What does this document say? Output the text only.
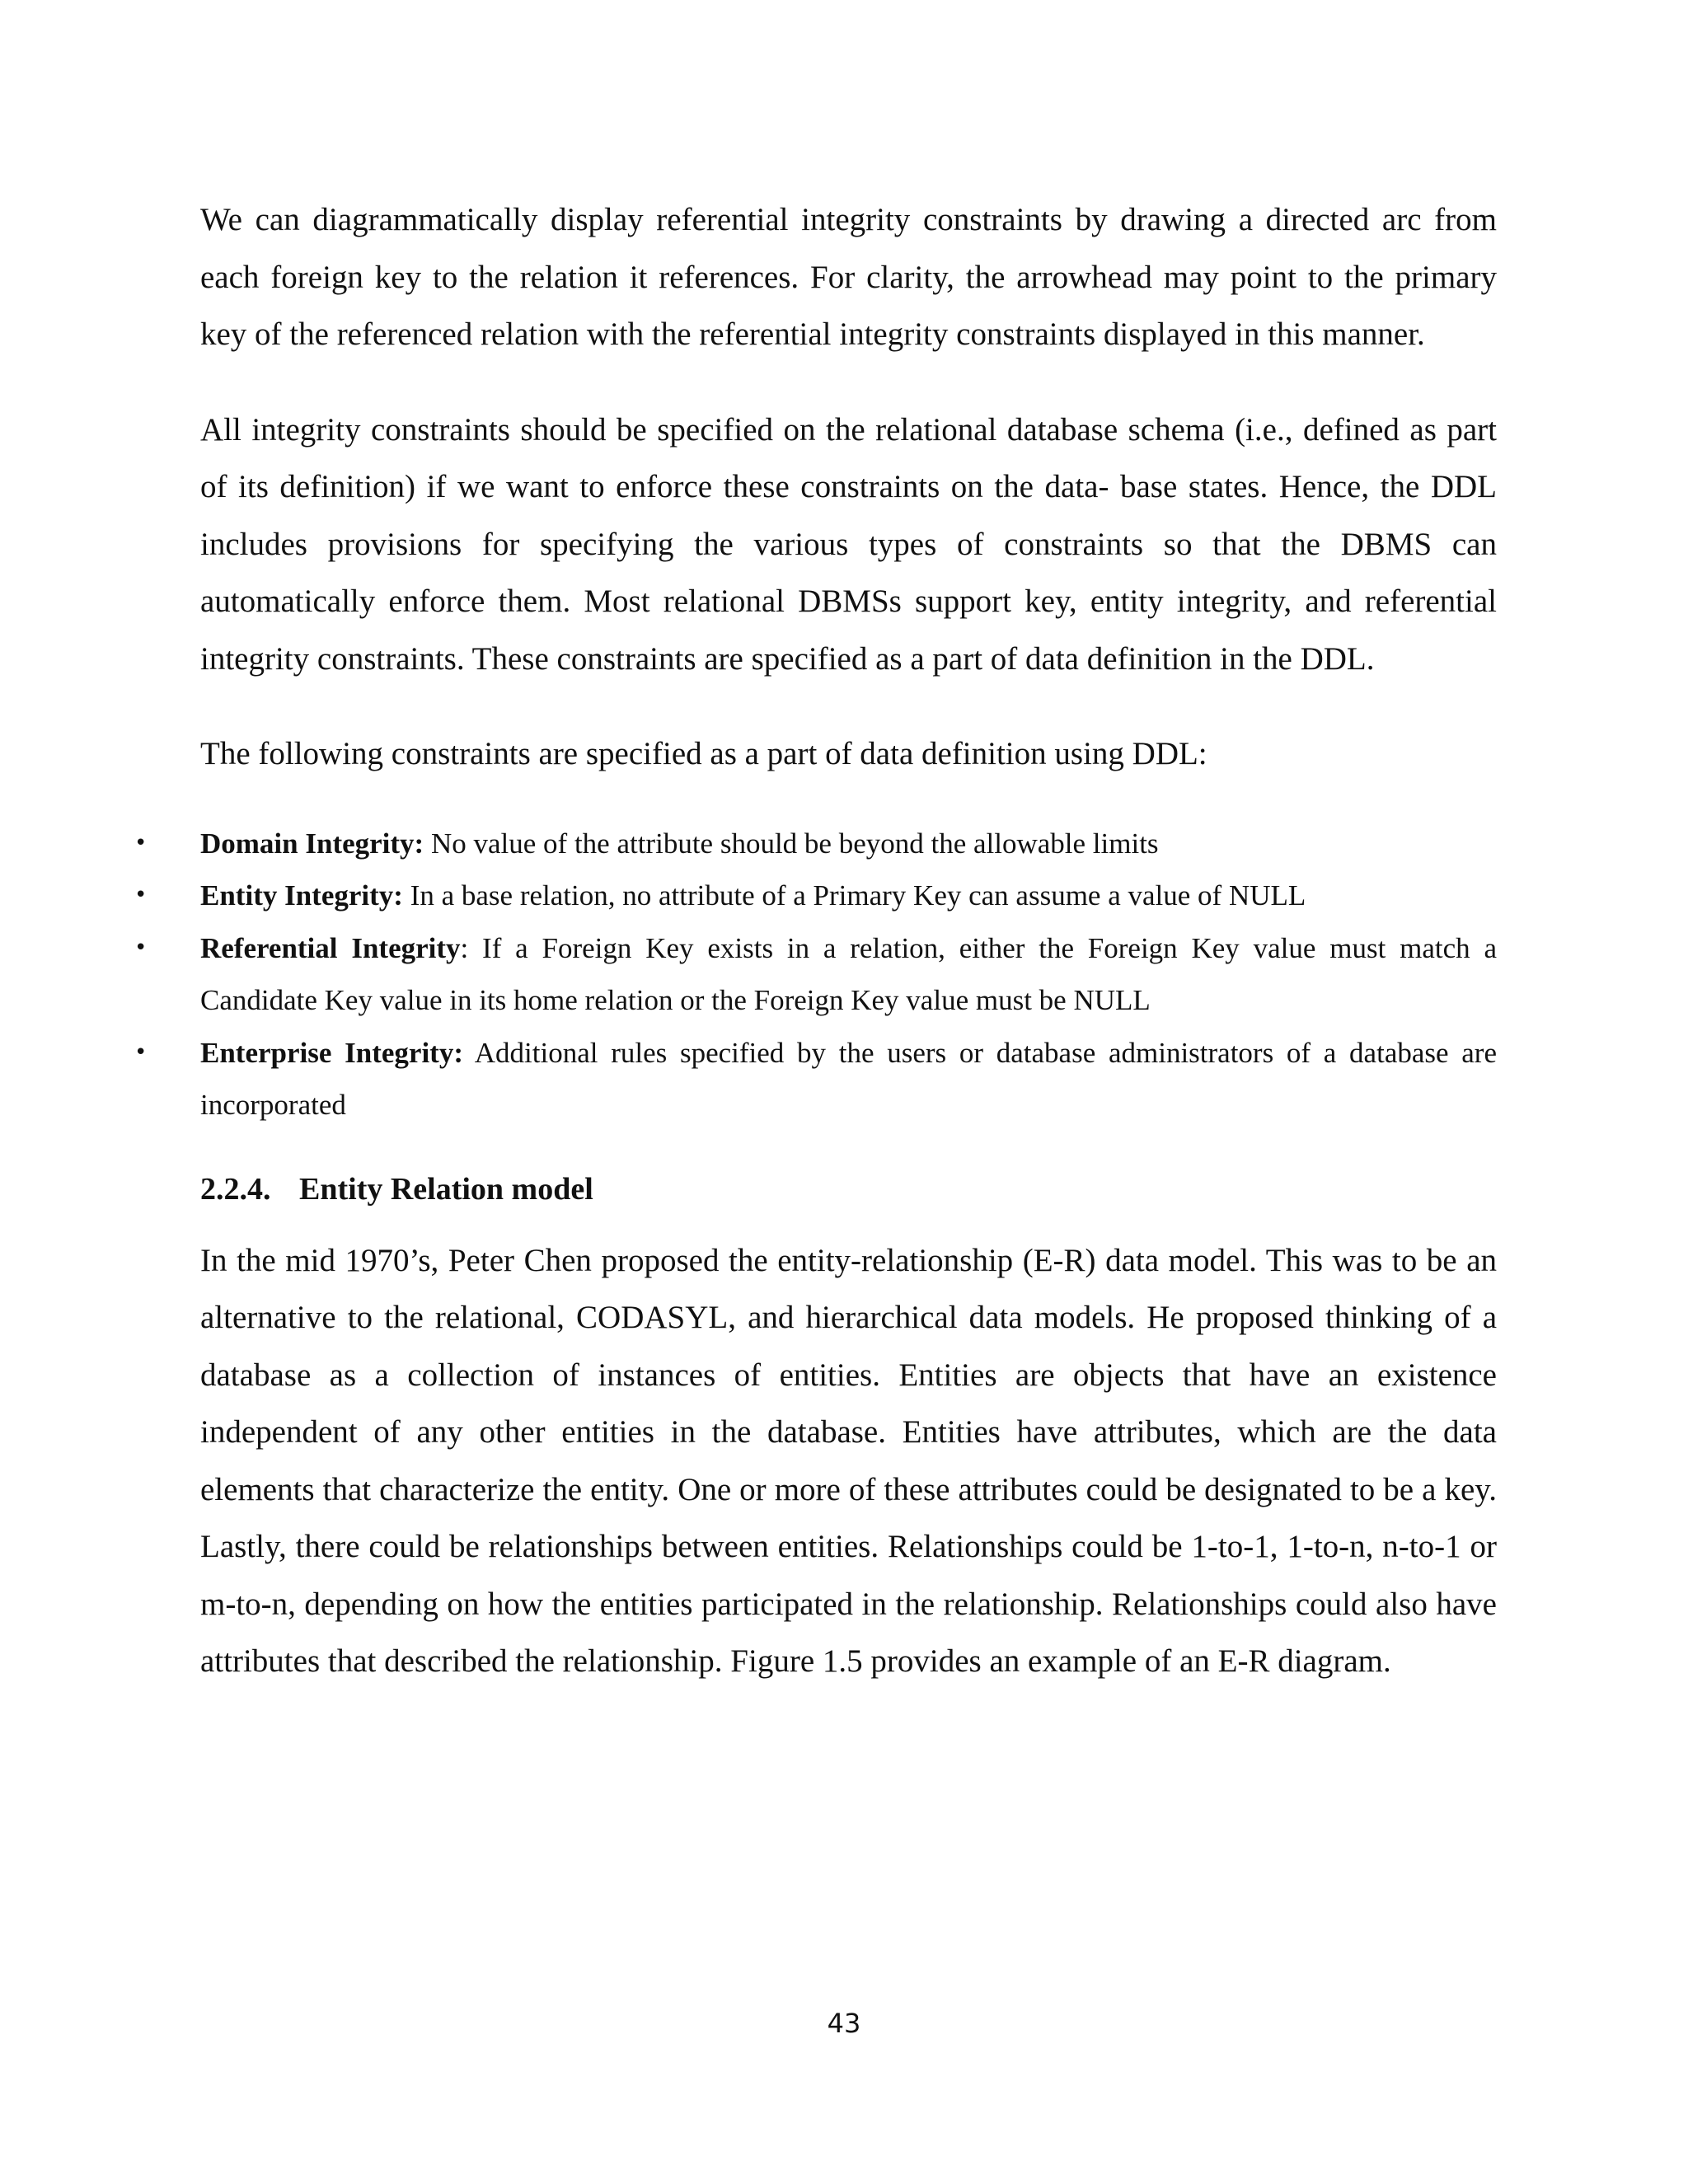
We can diagrammatically display referential integrity constraints by drawing a directed arc from each foreign key to the relation it references. For clarity, the arrowhead may point to the primary key of the referenced relation with the referential integrity constraints displayed in this manner.

All integrity constraints should be specified on the relational database schema (i.e., defined as part of its definition) if we want to enforce these constraints on the data- base states. Hence, the DDL includes provisions for specifying the various types of constraints so that the DBMS can automatically enforce them. Most relational DBMSs support key, entity integrity, and referential integrity constraints. These constraints are specified as a part of data definition in the DDL.

The following constraints are specified as a part of data definition using DDL:

•	Domain Integrity: No value of the attribute should be beyond the allowable limits
•	Entity Integrity: In a base relation, no attribute of a Primary Key can assume a value of NULL
•	Referential Integrity: If a Foreign Key exists in a relation, either the Foreign Key value must match a Candidate Key value in its home relation or the Foreign Key value must be NULL
•	Enterprise Integrity: Additional rules specified by the users or database administrators of a database are incorporated
2.2.4. Entity Relation model

In the mid 1970’s, Peter Chen proposed the entity-relationship (E-R) data model. This was to be an alternative to the relational, CODASYL, and hierarchical data models. He proposed thinking of a database as a collection of instances of entities. Entities are objects that have an existence independent of any other entities in the database. Entities have attributes, which are the data elements that characterize the entity. One or more of these attributes could be designated to be a key. Lastly, there could be relationships between entities. Relationships could be 1-to-1, 1-to-n, n-to-1 or m-to-n, depending on how the entities participated in the relationship. Relationships could also have attributes that described the relationship. Figure 1.5 provides an example of an E-R diagram.

43
